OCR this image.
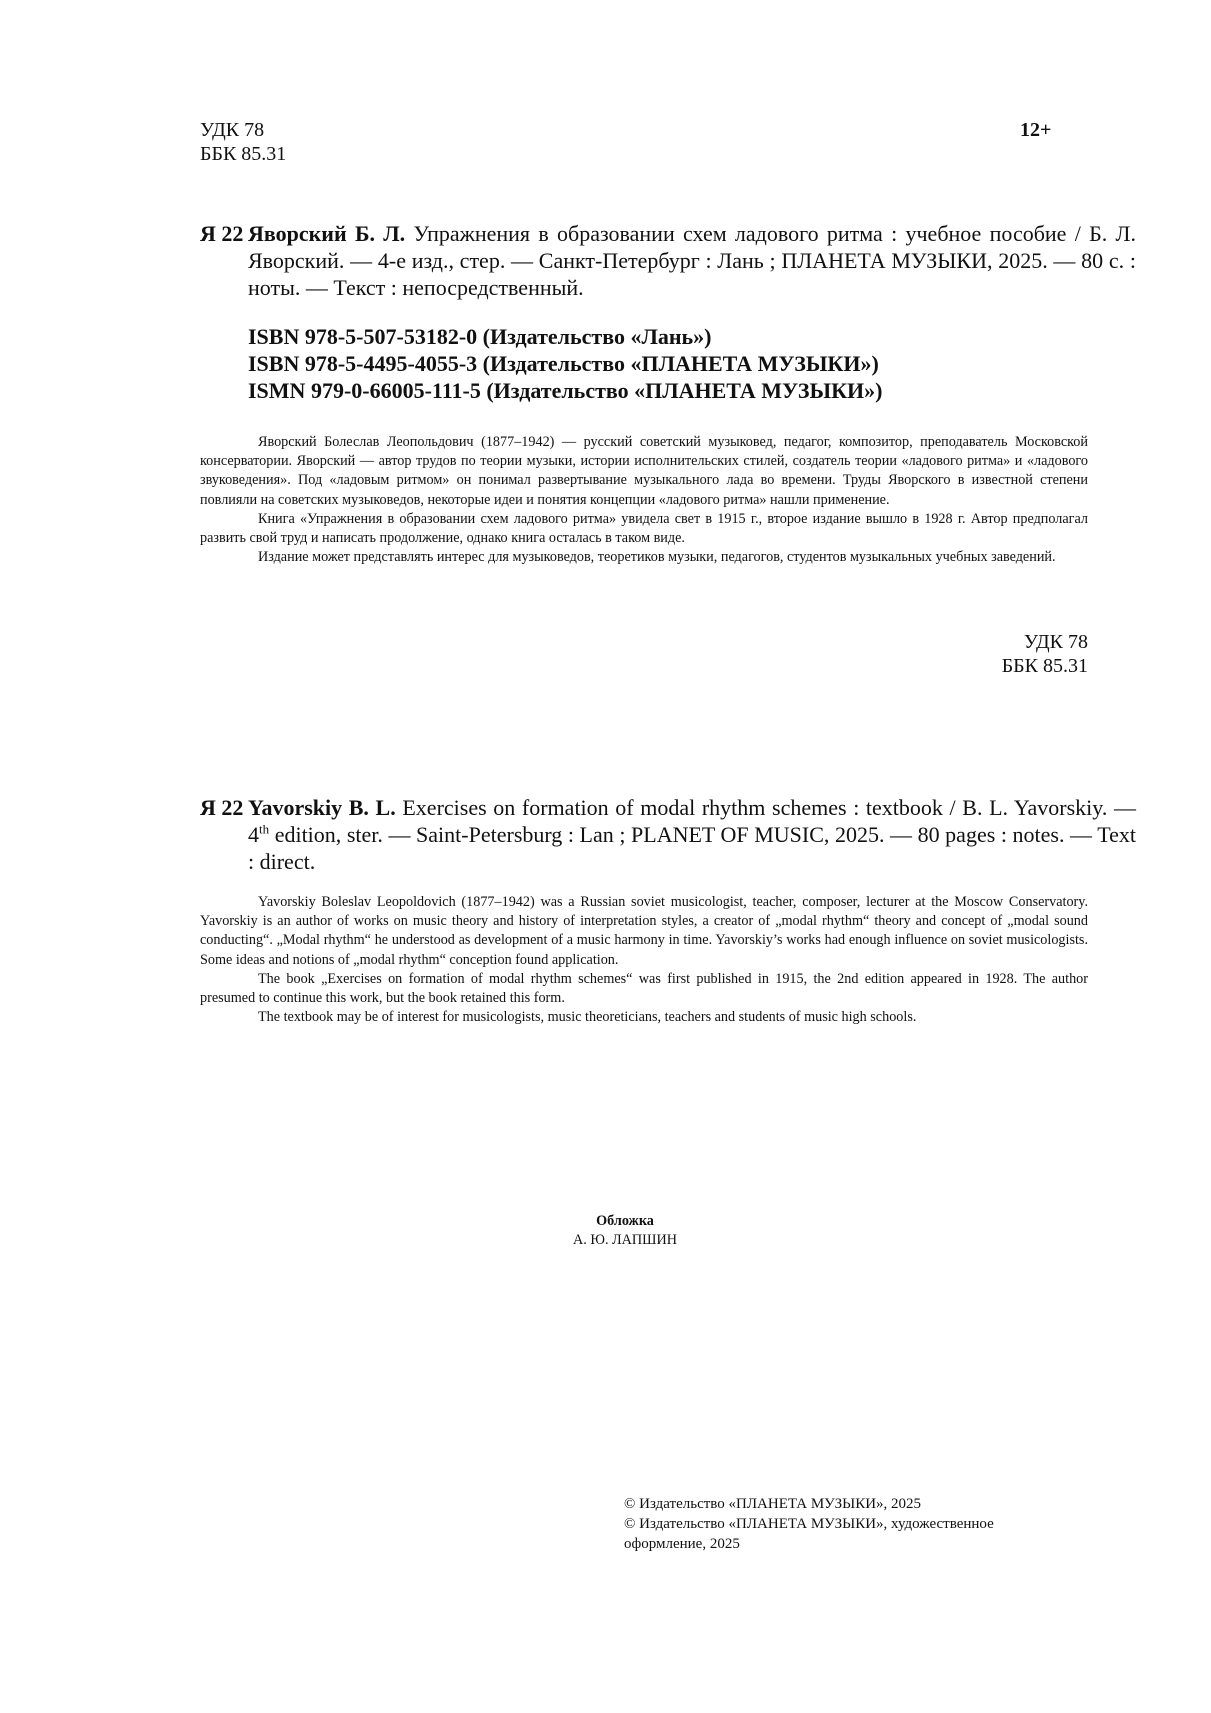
УДК 78
ББК 85.31
12+
Я 22 Яворский Б. Л. Упражнения в образовании схем ладового ритма : учебное пособие / Б. Л. Яворский. — 4-е изд., стер. — Санкт-Петербург : Лань ; ПЛАНЕТА МУЗЫКИ, 2025. — 80 с. : ноты. — Текст : непосредственный.
ISBN 978-5-507-53182-0 (Издательство «Лань»)
ISBN 978-5-4495-4055-3 (Издательство «ПЛАНЕТА МУЗЫКИ»)
ISMN 979-0-66005-111-5 (Издательство «ПЛАНЕТА МУЗЫКИ»)

Яворский Болеслав Леопольдович (1877–1942) — русский советский музыковед, педагог, композитор, преподаватель Московской консерватории. Яворский — автор трудов по теории музыки, истории исполнительских стилей, создатель теории «ладового ритма» и «ладового звуковедения». Под «ладовым ритмом» он понимал развертывание музыкального лада во времени. Труды Яворского в известной степени повлияли на советских музыковедов, некоторые идеи и понятия концепции «ладового ритма» нашли применение.

Книга «Упражнения в образовании схем ладового ритма» увидела свет в 1915 г., второе издание вышло в 1928 г. Автор предполагал развить свой труд и написать продолжение, однако книга осталась в таком виде.

Издание может представлять интерес для музыковедов, теоретиков музыки, педагогов, студентов музыкальных учебных заведений.

УДК 78
ББК 85.31
Я 22 Yavorskiy B. L. Exercises on formation of modal rhythm schemes : textbook / B. L. Yavorskiy. — 4th edition, ster. — Saint-Petersburg : Lan ; PLANET OF MUSIC, 2025. — 80 pages : notes. — Text : direct.

Yavorskiy Boleslav Leopoldovich (1877–1942) was a Russian soviet musicologist, teacher, composer, lecturer at the Moscow Conservatory. Yavorskiy is an author of works on music theory and history of interpretation styles, a creator of „modal rhythm“ theory and concept of „modal sound conducting“. „Modal rhythm“ he understood as development of a music harmony in time. Yavorskiy’s works had enough influence on soviet musicologists. Some ideas and notions of „modal rhythm“ conception found application.

The book „Exercises on formation of modal rhythm schemes“ was first published in 1915, the 2nd edition appeared in 1928. The author presumed to continue this work, but the book retained this form.

The textbook may be of interest for musicologists, music theoreticians, teachers and students of music high schools.

Обложка
А. Ю. ЛАПШИН
© Издательство «ПЛАНЕТА МУЗЫКИ», 2025
© Издательство «ПЛАНЕТА МУЗЫКИ», художественное оформление, 2025
